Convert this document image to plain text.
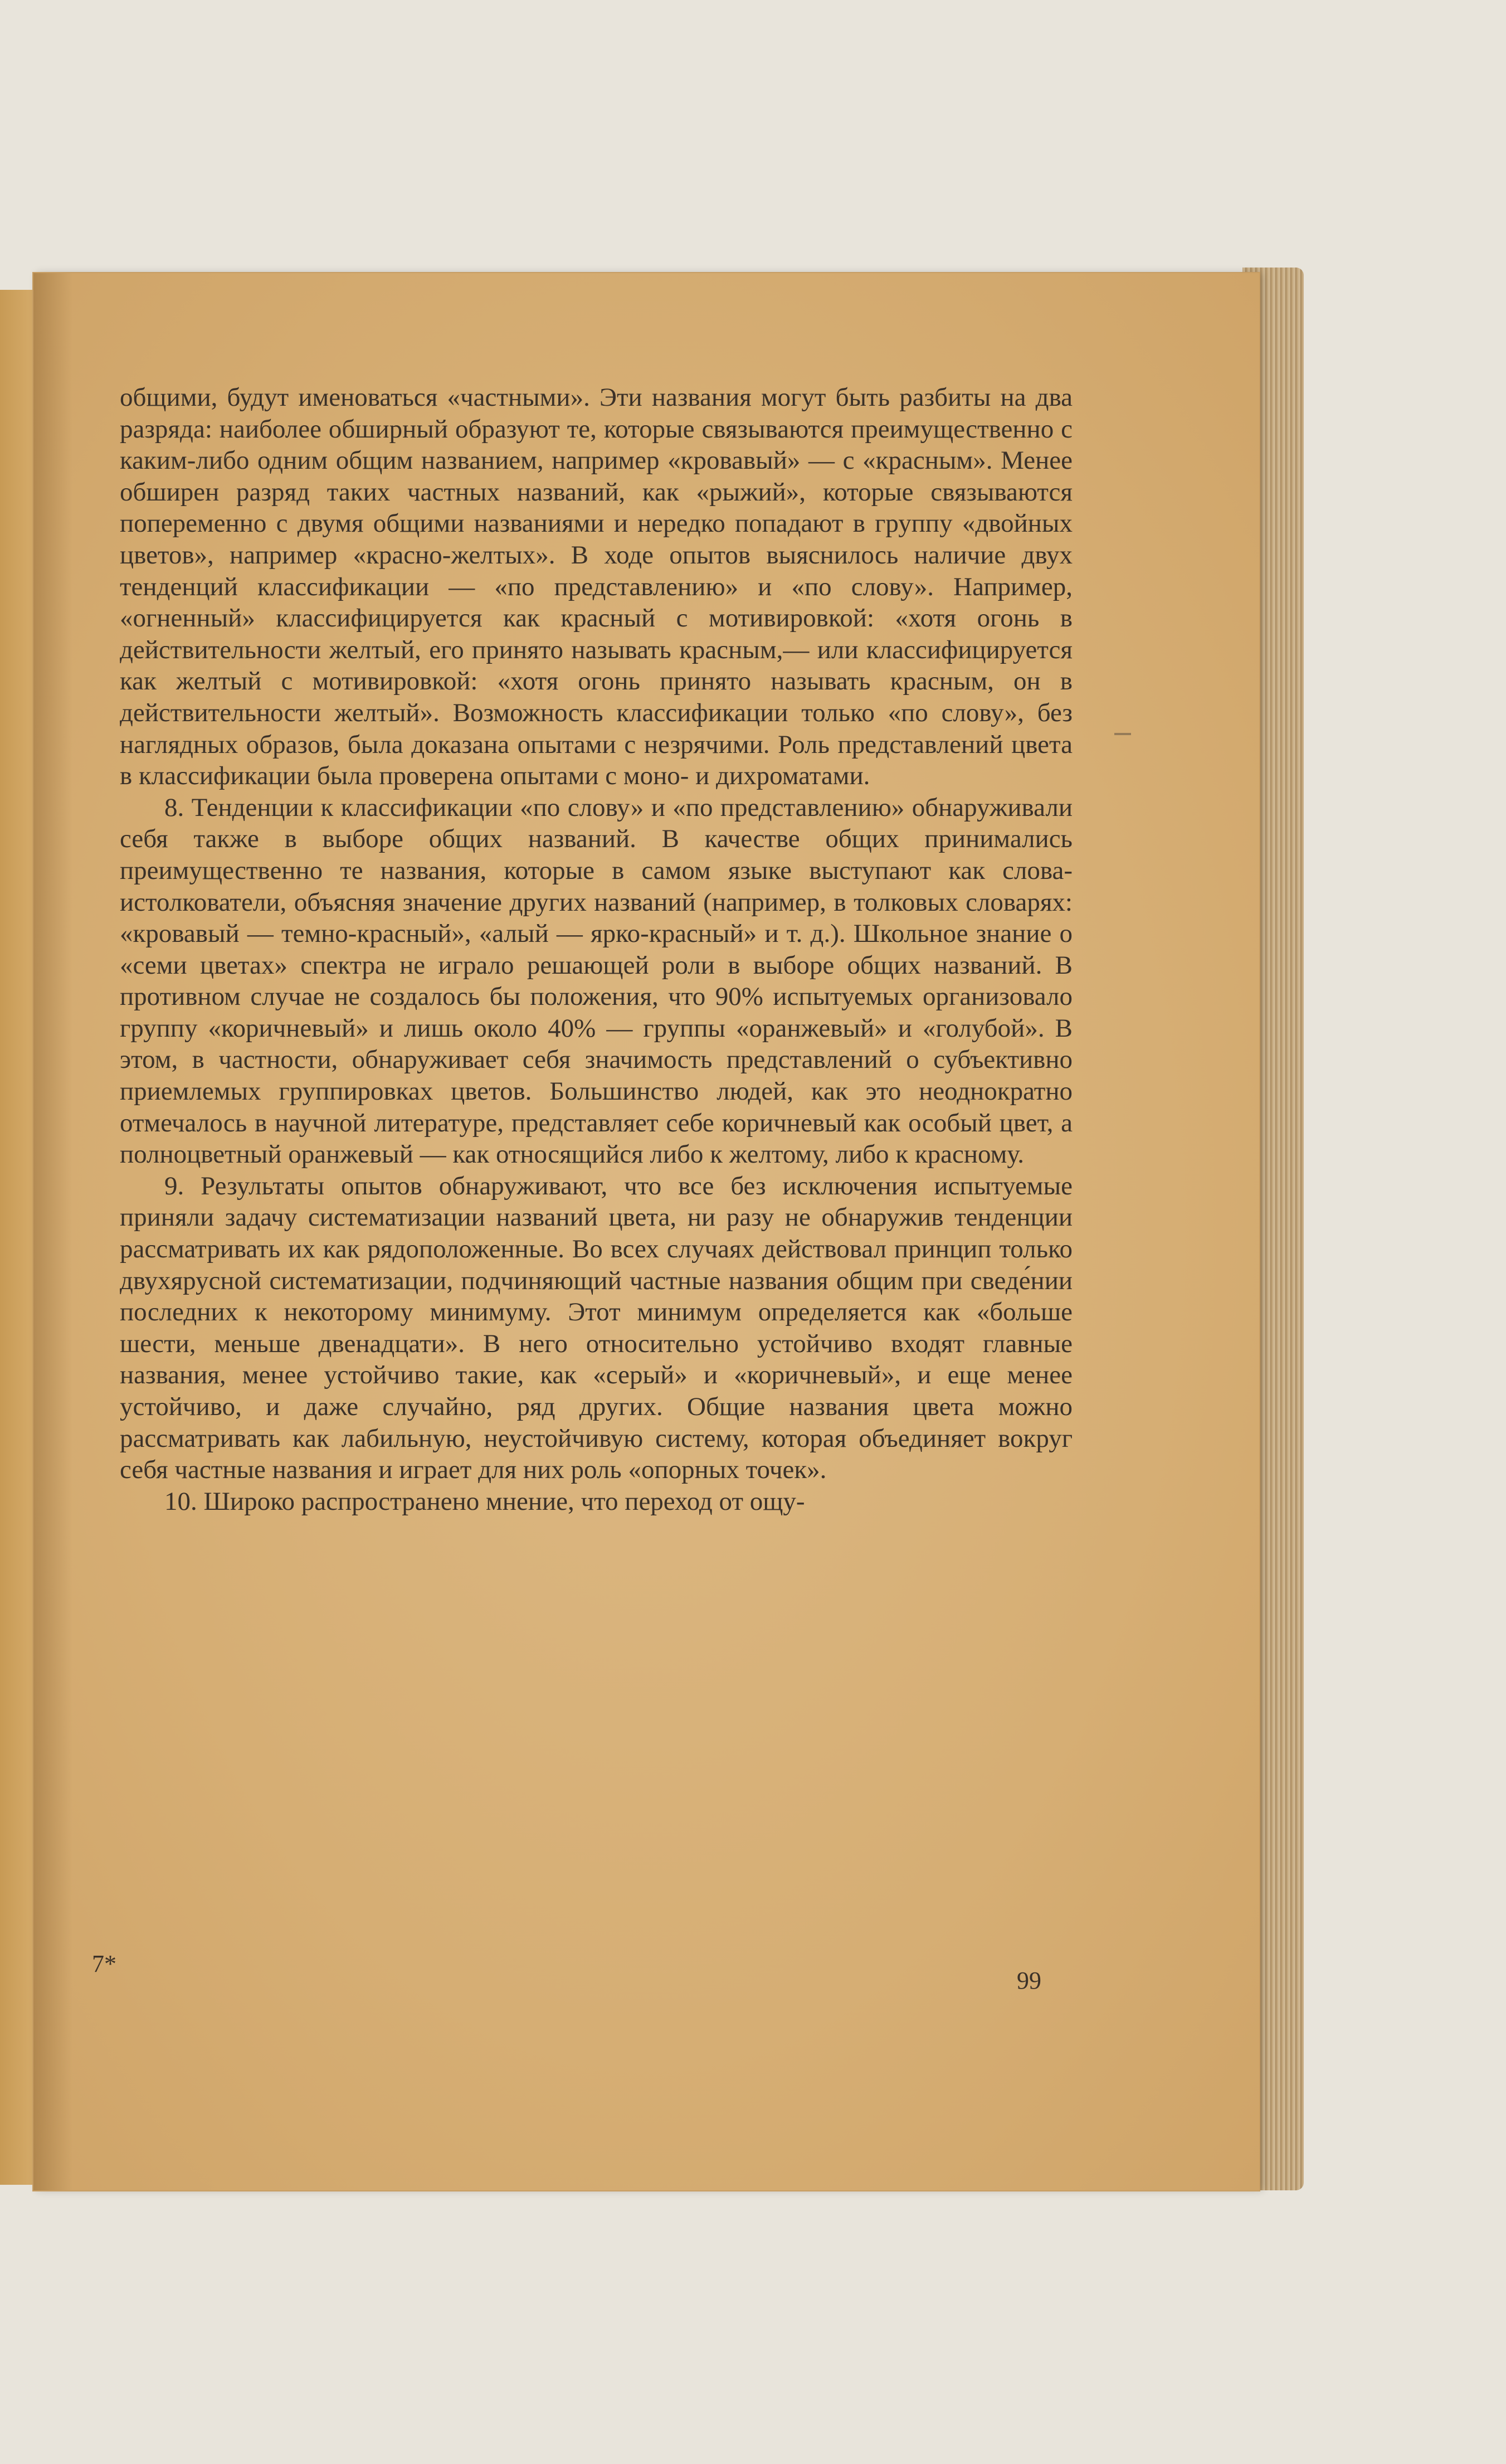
общими, будут именоваться «частными». Эти названия могут быть разбиты на два разряда: наиболее обширный образуют те, которые связываются преимущественно с каким-либо одним общим названием, например «кровавый» — с «красным». Менее обширен разряд таких частных названий, как «рыжий», которые связываются попеременно с двумя общими названиями и нередко попадают в группу «двойных цветов», например «красно-желтых». В ходе опытов выяснилось наличие двух тенденций классификации — «по представлению» и «по слову». Например, «огненный» классифицируется как красный с мотивировкой: «хотя огонь в действительности желтый, его принято называть красным,— или классифицируется как желтый с мотивировкой: «хотя огонь принято называть красным, он в действительности желтый». Возможность классификации только «по слову», без наглядных образов, была доказана опытами с незрячими. Роль представлений цвета в классификации была проверена опытами с моно- и дихроматами.

8. Тенденции к классификации «по слову» и «по представлению» обнаруживали себя также в выборе общих названий. В качестве общих принимались преимущественно те названия, которые в самом языке выступают как слова-истолкователи, объясняя значение других названий (например, в толковых словарях: «кровавый — темно-красный», «алый — ярко-красный» и т. д.). Школьное знание о «семи цветах» спектра не играло решающей роли в выборе общих названий. В противном случае не создалось бы положения, что 90% испытуемых организовало группу «коричневый» и лишь около 40% — группы «оранжевый» и «голубой». В этом, в частности, обнаруживает себя значимость представлений о субъективно приемлемых группировках цветов. Большинство людей, как это неоднократно отмечалось в научной литературе, представляет себе коричневый как особый цвет, а полноцветный оранжевый — как относящийся либо к желтому, либо к красному.

9. Результаты опытов обнаруживают, что все без исключения испытуемые приняли задачу систематизации названий цвета, ни разу не обнаружив тенденции рассматривать их как рядоположенные. Во всех случаях действовал принцип только двухярусной систематизации, подчиняющий частные названия общим при сведе́нии последних к некоторому минимуму. Этот минимум определяется как «больше шести, меньше двенадцати». В него относительно устойчиво входят главные названия, менее устойчиво такие, как «серый» и «коричневый», и еще менее устойчиво, и даже случайно, ряд других. Общие названия цвета можно рассматривать как лабильную, неустойчивую систему, которая объединяет вокруг себя частные названия и играет для них роль «опорных точек».

10. Широко распространено мнение, что переход от ощу-

7*
99
